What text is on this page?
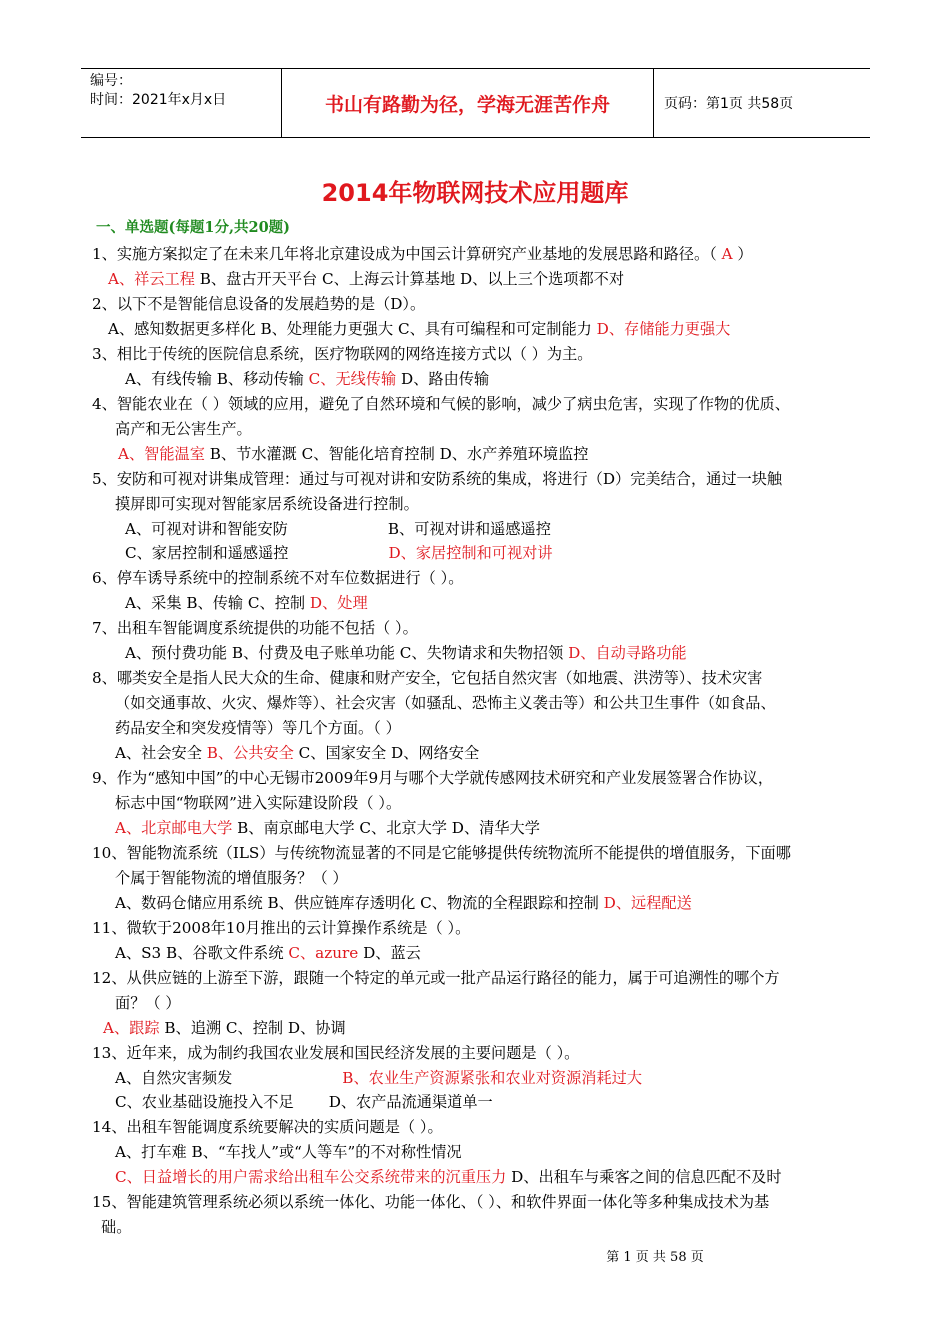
编号：
时间：2021年x月x日	书山有路勤为径，学海无涯苦作舟	页码：第1页 共58页
2014年物联网技术应用题库
一、单选题(每题1分,共20题)
1、实施方案拟定了在未来几年将北京建设成为中国云计算研究产业基地的发展思路和路径。（ A ）
A、祥云工程 B、盘古开天平台 C、上海云计算基地 D、以上三个选项都不对
2、以下不是智能信息设备的发展趋势的是（D）。
A、感知数据更多样化 B、处理能力更强大 C、具有可编程和可定制能力 D、存储能力更强大
3、相比于传统的医院信息系统，医疗物联网的网络连接方式以（ ）为主。
A、有线传输 B、移动传输 C、无线传输 D、路由传输
4、智能农业在（ ）领域的应用，避免了自然环境和气候的影响，减少了病虫危害，实现了作物的优质、
高产和无公害生产。
A、智能温室 B、节水灌溉 C、智能化培育控制 D、水产养殖环境监控
5、安防和可视对讲集成管理：通过与可视对讲和安防系统的集成，将进行（D）完美结合，通过一块触
摸屏即可实现对智能家居系统设备进行控制。
A、可视对讲和智能安防	B、可视对讲和遥感遥控
C、家居控制和遥感遥控	D、家居控制和可视对讲
6、停车诱导系统中的控制系统不对车位数据进行（ ）。
A、采集 B、传输 C、控制 D、处理
7、出租车智能调度系统提供的功能不包括（ ）。
A、预付费功能 B、付费及电子账单功能 C、失物请求和失物招领 D、自动寻路功能
8、哪类安全是指人民大众的生命、健康和财产安全，它包括自然灾害（如地震、洪涝等）、技术灾害
（如交通事故、火灾、爆炸等）、社会灾害（如骚乱、恐怖主义袭击等）和公共卫生事件（如食品、
药品安全和突发疫情等）等几个方面。（ ）
A、社会安全 B、公共安全 C、国家安全 D、网络安全
9、作为“感知中国”的中心无锡市2009年9月与哪个大学就传感网技术研究和产业发展签署合作协议，
标志中国“物联网”进入实际建设阶段（ ）。
A、北京邮电大学 B、南京邮电大学 C、北京大学 D、清华大学
10、智能物流系统（ILS）与传统物流显著的不同是它能够提供传统物流所不能提供的增值服务，下面哪
个属于智能物流的增值服务？（ ）
A、数码仓储应用系统 B、供应链库存透明化 C、物流的全程跟踪和控制 D、远程配送
11、微软于2008年10月推出的云计算操作系统是（ ）。
A、S3 B、谷歌文件系统 C、azure D、蓝云
12、从供应链的上游至下游，跟随一个特定的单元或一批产品运行路径的能力，属于可追溯性的哪个方
面？（ ）
A、跟踪 B、追溯 C、控制 D、协调
13、近年来，成为制约我国农业发展和国民经济发展的主要问题是（ ）。
A、自然灾害频发	B、农业生产资源紧张和农业对资源消耗过大
C、农业基础设施投入不足 D、农产品流通渠道单一
14、出租车智能调度系统要解决的实质问题是（ ）。
A、打车难 B、“车找人”或“人等车”的不对称性情况
C、日益增长的用户需求给出租车公交系统带来的沉重压力 D、出租车与乘客之间的信息匹配不及时
15、智能建筑管理系统必须以系统一体化、功能一体化、（ ）、和软件界面一体化等多种集成技术为基
础。
第 1 页 共 58 页
